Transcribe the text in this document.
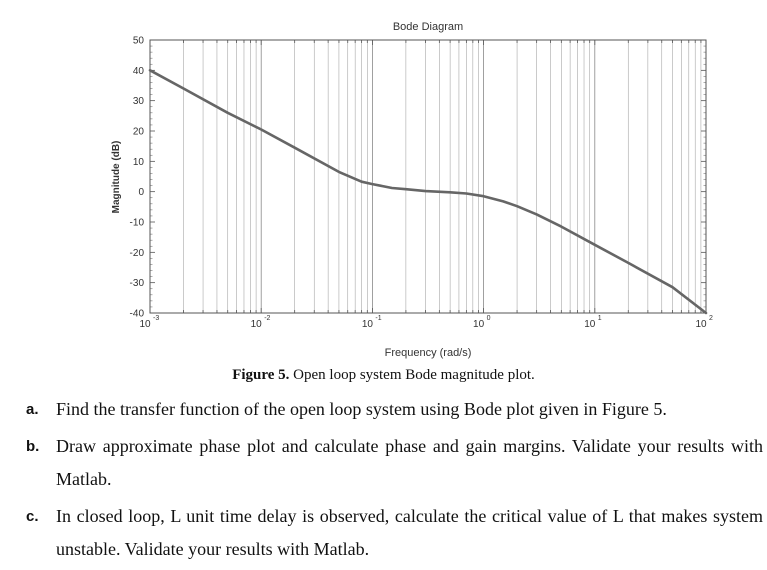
50
40
30
20
10
0
-10
-20
-30
-40
10
-3
10
-2
10
-1
10
0
10
1
10
2
Bode Diagram
Frequency (rad/s)
Magnitude (dB)
Figure 5. Open loop system Bode magnitude plot.
a. Find the transfer function of the open loop system using Bode plot given in Figure 5.
b. Draw approximate phase plot and calculate phase and gain margins. Validate your results with Matlab.
c. In closed loop, L unit time delay is observed, calculate the critical value of L that makes system unstable. Validate your results with Matlab.
